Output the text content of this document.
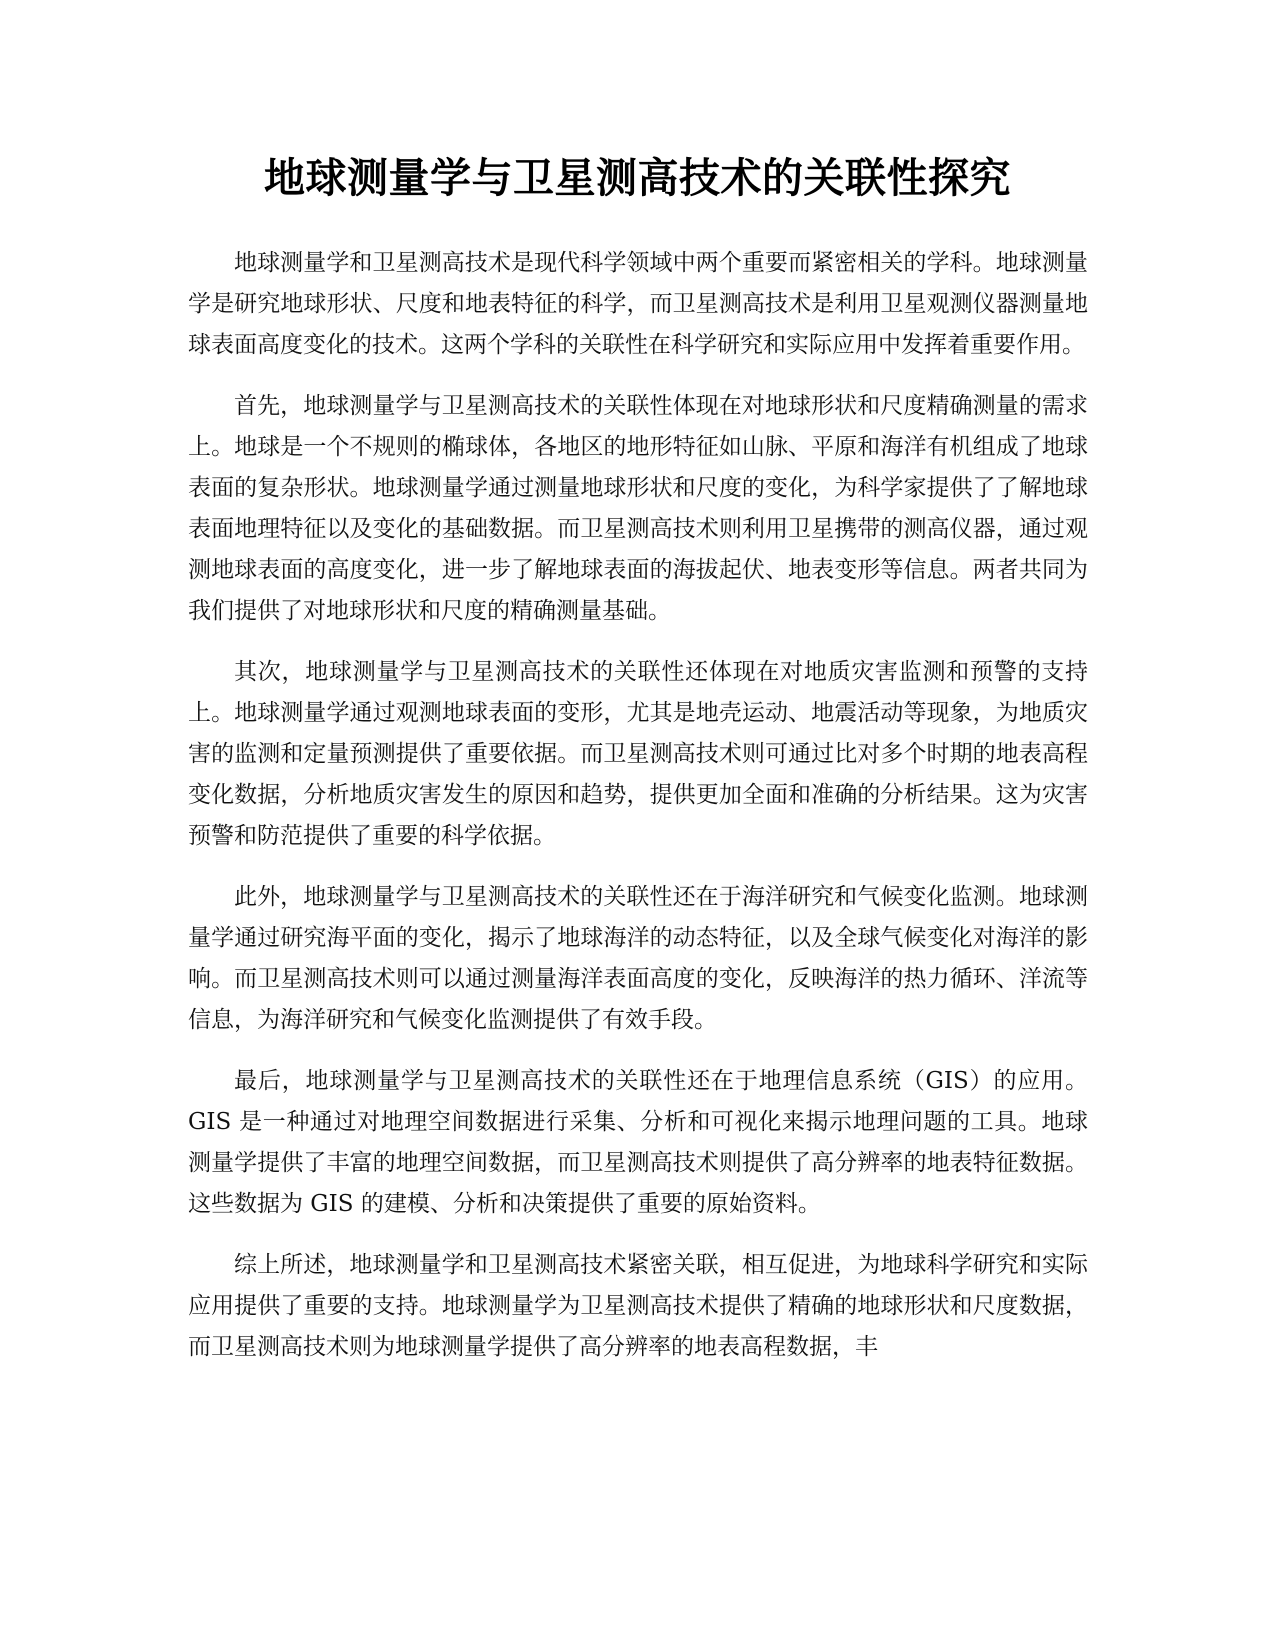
地球测量学与卫星测高技术的关联性探究

地球测量学和卫星测高技术是现代科学领域中两个重要而紧密相关的学科。地球测量学是研究地球形状、尺度和地表特征的科学，而卫星测高技术是利用卫星观测仪器测量地球表面高度变化的技术。这两个学科的关联性在科学研究和实际应用中发挥着重要作用。

首先，地球测量学与卫星测高技术的关联性体现在对地球形状和尺度精确测量的需求上。地球是一个不规则的椭球体，各地区的地形特征如山脉、平原和海洋有机组成了地球表面的复杂形状。地球测量学通过测量地球形状和尺度的变化，为科学家提供了了解地球表面地理特征以及变化的基础数据。而卫星测高技术则利用卫星携带的测高仪器，通过观测地球表面的高度变化，进一步了解地球表面的海拔起伏、地表变形等信息。两者共同为我们提供了对地球形状和尺度的精确测量基础。

其次，地球测量学与卫星测高技术的关联性还体现在对地质灾害监测和预警的支持上。地球测量学通过观测地球表面的变形，尤其是地壳运动、地震活动等现象，为地质灾害的监测和定量预测提供了重要依据。而卫星测高技术则可通过比对多个时期的地表高程变化数据，分析地质灾害发生的原因和趋势，提供更加全面和准确的分析结果。这为灾害预警和防范提供了重要的科学依据。

此外，地球测量学与卫星测高技术的关联性还在于海洋研究和气候变化监测。地球测量学通过研究海平面的变化，揭示了地球海洋的动态特征，以及全球气候变化对海洋的影响。而卫星测高技术则可以通过测量海洋表面高度的变化，反映海洋的热力循环、洋流等信息，为海洋研究和气候变化监测提供了有效手段。

最后，地球测量学与卫星测高技术的关联性还在于地理信息系统（GIS）的应用。GIS 是一种通过对地理空间数据进行采集、分析和可视化来揭示地理问题的工具。地球测量学提供了丰富的地理空间数据，而卫星测高技术则提供了高分辨率的地表特征数据。这些数据为 GIS 的建模、分析和决策提供了重要的原始资料。

综上所述，地球测量学和卫星测高技术紧密关联，相互促进，为地球科学研究和实际应用提供了重要的支持。地球测量学为卫星测高技术提供了精确的地球形状和尺度数据，而卫星测高技术则为地球测量学提供了高分辨率的地表高程数据，丰
